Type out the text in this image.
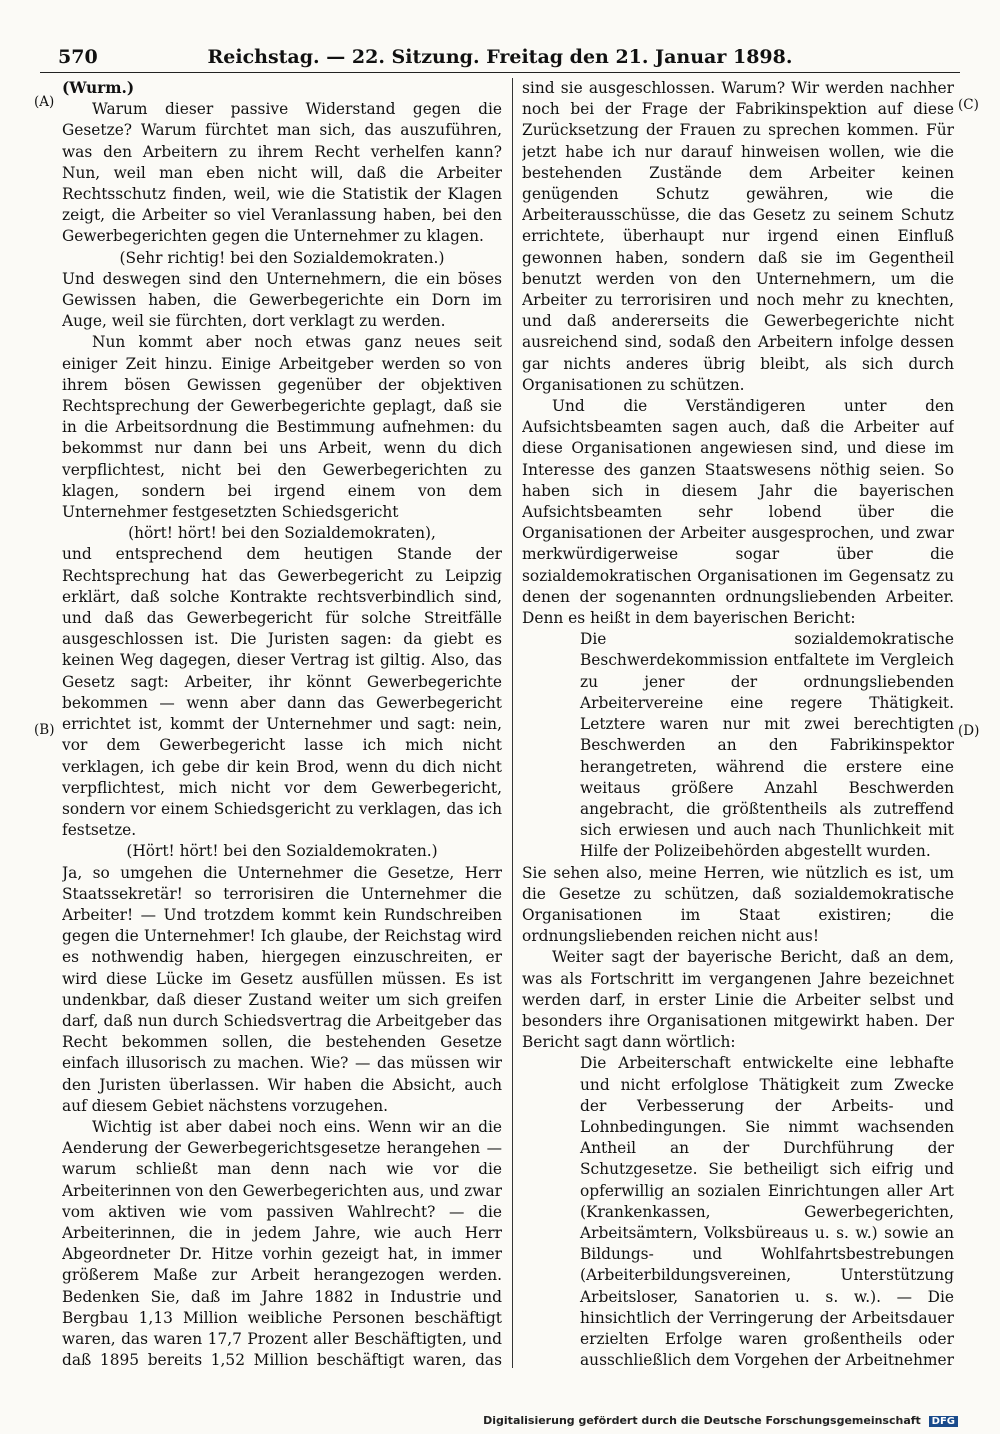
570	Reichstag. — 22. Sitzung. Freitag den 21. Januar 1898.

(Wurm.)

Warum dieser passive Widerstand gegen die Gesetze? Warum fürchtet man sich, das auszuführen, was den Arbeitern zu ihrem Recht verhelfen kann? Nun, weil man eben nicht will, daß die Arbeiter Rechtsschutz finden, weil, wie die Statistik der Klagen zeigt, die Arbeiter so viel Veranlassung haben, bei den Gewerbegerichten gegen die Unternehmer zu klagen.

(Sehr richtig! bei den Sozialdemokraten.)

Und deswegen sind den Unternehmern, die ein böses Gewissen haben, die Gewerbegerichte ein Dorn im Auge, weil sie fürchten, dort verklagt zu werden.

Nun kommt aber noch etwas ganz neues seit einiger Zeit hinzu. Einige Arbeitgeber werden so von ihrem bösen Gewissen gegenüber der objektiven Rechtsprechung der Gewerbegerichte geplagt, daß sie in die Arbeitsordnung die Bestimmung aufnehmen: du bekommst nur dann bei uns Arbeit, wenn du dich verpflichtest, nicht bei den Gewerbegerichten zu klagen, sondern bei irgend einem von dem Unternehmer festgesetzten Schiedsgericht

(hört! hört! bei den Sozialdemokraten),

und entsprechend dem heutigen Stande der Rechtsprechung hat das Gewerbegericht zu Leipzig erklärt, daß solche Kontrakte rechtsverbindlich sind, und daß das Gewerbegericht für solche Streitfälle ausgeschlossen ist. Die Juristen sagen: da giebt es keinen Weg dagegen, dieser Vertrag ist giltig. Also, das Gesetz sagt: Arbeiter, ihr könnt Gewerbegerichte bekommen — wenn aber dann das Gewerbegericht errichtet ist, kommt der Unternehmer und sagt: nein, vor dem Gewerbegericht lasse ich mich nicht verklagen, ich gebe dir kein Brod, wenn du dich nicht verpflichtest, mich nicht vor dem Gewerbegericht, sondern vor einem Schiedsgericht zu verklagen, das ich festsetze.

(Hört! hört! bei den Sozialdemokraten.)

Ja, so umgehen die Unternehmer die Gesetze, Herr Staatssekretär! so terrorisiren die Unternehmer die Arbeiter! — Und trotzdem kommt kein Rundschreiben gegen die Unternehmer! Ich glaube, der Reichstag wird es nothwendig haben, hiergegen einzuschreiten, er wird diese Lücke im Gesetz ausfüllen müssen. Es ist undenkbar, daß dieser Zustand weiter um sich greifen darf, daß nun durch Schiedsvertrag die Arbeitgeber das Recht bekommen sollen, die bestehenden Gesetze einfach illusorisch zu machen. Wie? — das müssen wir den Juristen überlassen. Wir haben die Absicht, auch auf diesem Gebiet nächstens vorzugehen.

Wichtig ist aber dabei noch eins. Wenn wir an die Aenderung der Gewerbegerichtsgesetze herangehen — warum schließt man denn nach wie vor die Arbeiterinnen von den Gewerbegerichten aus, und zwar vom aktiven wie vom passiven Wahlrecht? — die Arbeiterinnen, die in jedem Jahre, wie auch Herr Abgeordneter Dr. Hitze vorhin gezeigt hat, in immer größerem Maße zur Arbeit herangezogen werden. Bedenken Sie, daß im Jahre 1882 in Industrie und Bergbau 1,13 Million weibliche Personen beschäftigt waren, das waren 17,7 Prozent aller Beschäftigten, und daß 1895 bereits 1,52 Million beschäftigt waren, das

sind sie ausgeschlossen. Warum? Wir werden nachher noch bei der Frage der Fabrikinspektion auf diese Zurücksetzung der Frauen zu sprechen kommen. Für jetzt habe ich nur darauf hinweisen wollen, wie die bestehenden Zustände dem Arbeiter keinen genügenden Schutz gewähren, wie die Arbeiterausschüsse, die das Gesetz zu seinem Schutz errichtete, überhaupt nur irgend einen Einfluß gewonnen haben, sondern daß sie im Gegentheil benutzt werden von den Unternehmern, um die Arbeiter zu terrorisiren und noch mehr zu knechten, und daß andererseits die Gewerbegerichte nicht ausreichend sind, sodaß den Arbeitern infolge dessen gar nichts anderes übrig bleibt, als sich durch Organisationen zu schützen.

Und die Verständigeren unter den Aufsichtsbeamten sagen auch, daß die Arbeiter auf diese Organisationen angewiesen sind, und diese im Interesse des ganzen Staatswesens nöthig seien. So haben sich in diesem Jahr die bayerischen Aufsichtsbeamten sehr lobend über die Organisationen der Arbeiter ausgesprochen, und zwar merkwürdigerweise sogar über die sozialdemokratischen Organisationen im Gegensatz zu denen der sogenannten ordnungsliebenden Arbeiter. Denn es heißt in dem bayerischen Bericht:

Die sozialdemokratische Beschwerdekommission entfaltete im Vergleich zu jener der ordnungsliebenden Arbeitervereine eine regere Thätigkeit. Letztere waren nur mit zwei berechtigten Beschwerden an den Fabrikinspektor herangetreten, während die erstere eine weitaus größere Anzahl Beschwerden angebracht, die größtentheils als zutreffend sich erwiesen und auch nach Thunlichkeit mit Hilfe der Polizeibehörden abgestellt wurden.

Sie sehen also, meine Herren, wie nützlich es ist, um die Gesetze zu schützen, daß sozialdemokratische Organisationen im Staat existiren; die ordnungsliebenden reichen nicht aus!

Weiter sagt der bayerische Bericht, daß an dem, was als Fortschritt im vergangenen Jahre bezeichnet werden darf, in erster Linie die Arbeiter selbst und besonders ihre Organisationen mitgewirkt haben. Der Bericht sagt dann wörtlich:

Die Arbeiterschaft entwickelte eine lebhafte und nicht erfolglose Thätigkeit zum Zwecke der Verbesserung der Arbeits- und Lohnbedingungen. Sie nimmt wachsenden Antheil an der Durchführung der Schutzgesetze. Sie betheiligt sich eifrig und opferwillig an sozialen Einrichtungen aller Art (Krankenkassen, Gewerbegerichten, Arbeitsämtern, Volksbüreaus u. s. w.) sowie an Bildungs- und Wohlfahrtsbestrebungen (Arbeiterbildungsvereinen, Unterstützung Arbeitsloser, Sanatorien u. s. w.). — Die hinsichtlich der Verringerung der Arbeitsdauer erzielten Erfolge waren großentheils oder ausschließlich dem Vorgehen der Arbeitnehmer

(A)
(B)
(C)
(D)
Digitalisierung gefördert durch die Deutsche Forschungsgemeinschaft DFG
